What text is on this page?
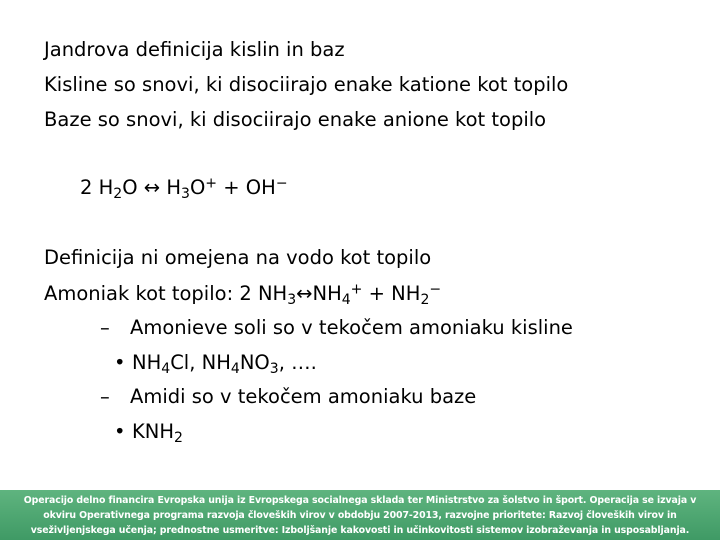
Jandrova definicija kislin in baz
Kisline so snovi, ki disociirajo enake katione kot topilo
Baze so snovi, ki disociirajo enake anione kot topilo
2 $H_2O$ ↔ $H_3O^+ + OH^-$
Definicija ni omejena na vodo kot topilo
Amoniak kot topilo: 2 $NH_3\leftrightarrow NH_4^+ + NH_2^-$
– Amonieve soli so v tekočem amoniaku kisline
• $NH_4Cl$, $NH_4NO_3$, ….
– Amidi so v tekočem amoniaku baze
• $KNH_2$
Operacijo delno financira Evropska unija iz Evropskega socialnega sklada ter Ministrstvo za šolstvo in šport. Operacija se izvaja v
okviru Operativnega programa razvoja človeških virov v obdobju 2007-2013, razvojne prioritete: Razvoj človeških virov in
vseživljenjskega učenja; prednostne usmeritve: Izboljšanje kakovosti in učinkovitosti sistemov izobraževanja in usposabljanja.
